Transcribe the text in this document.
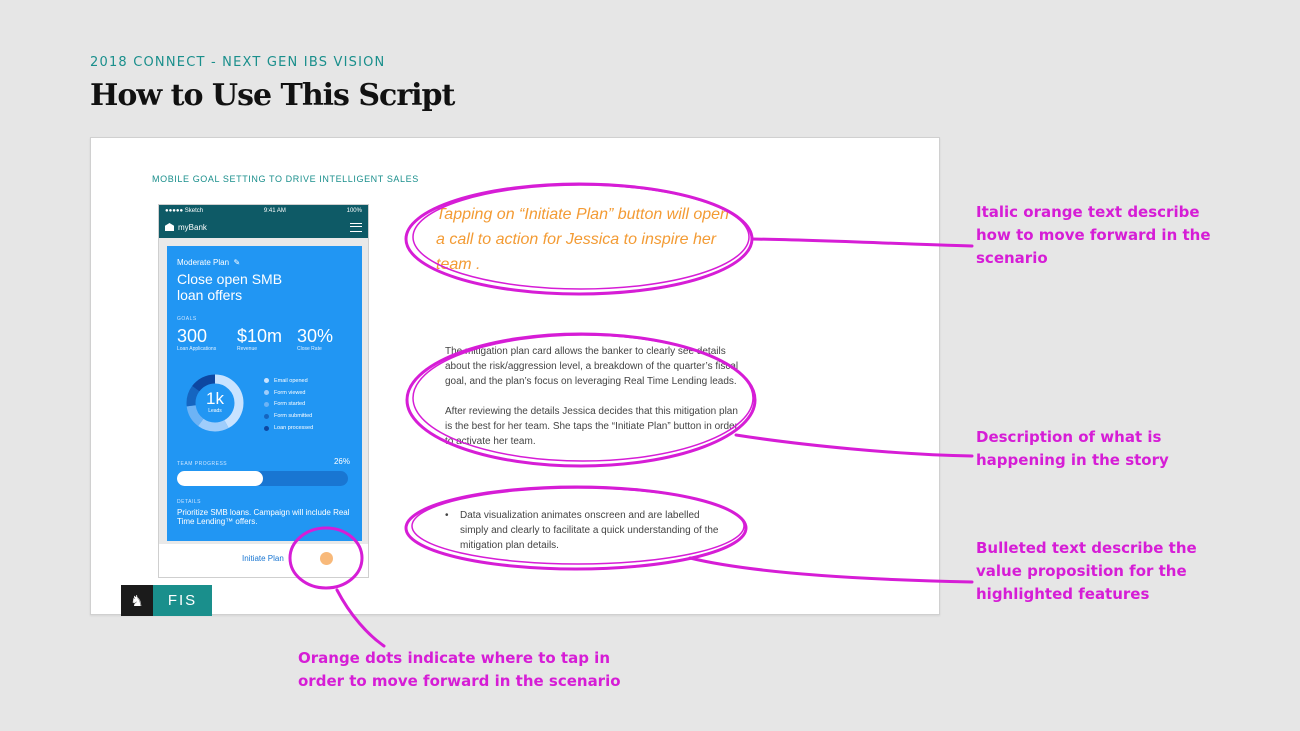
2018 CONNECT - NEXT GEN IBS VISION
How to Use This Script
MOBILE GOAL SETTING TO DRIVE INTELLIGENT SALES
●●●●● Sketch	9:41 AM	100%
myBank
Moderate Plan  ✎
Close open SMB loan offers
GOALS
300
Loan Applications
$10m
Revenue
30%
Close Rate
1k
Leads
Email opened
Form viewed
Form started
Form submitted
Loan processed
TEAM PROGRESS	26%
DETAILS
Prioritize SMB loans. Campaign will include Real Time Lending™ offers.
Initiate Plan
♞	FIS
Tapping on “Initiate Plan” button will open a call to action for Jessica to inspire her team .

The mitigation plan card allows the banker to clearly see details about the risk/aggression level, a breakdown of the quarter’s fiscal goal, and the plan’s focus on leveraging Real Time Lending leads.

After reviewing the details Jessica decides that this mitigation plan is the best for her team. She taps the “Initiate Plan” button in order to activate her team.

•	Data visualization animates onscreen and are labelled simply and clearly to facilitate a quick understanding of the mitigation plan details.
Italic orange text describe how to move forward in the scenario
Description of what is happening in the story
Bulleted text describe the value proposition for the highlighted features
Orange dots indicate where to tap in order to move forward in the scenario
